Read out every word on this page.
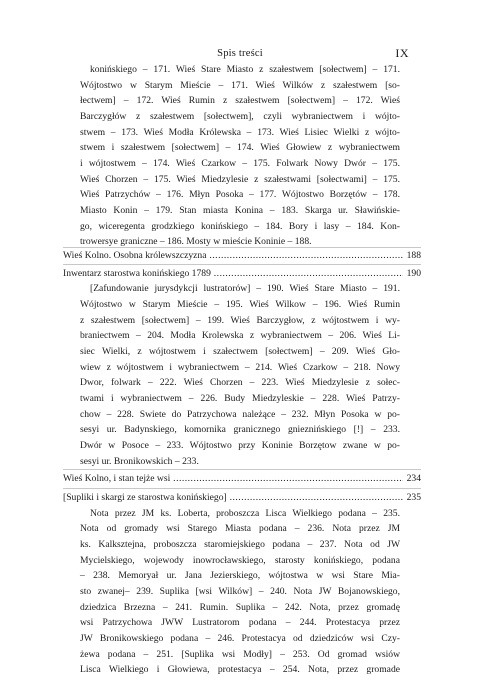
Spis treści	IX
konińskiego – 171. Wieś Stare Miasto z szałestwem [sołectwem] – 171.
Wójtostwo w Starym Mieście – 171. Wieś Wilków z szałestwem [so-
łectwem] – 172. Wieś Rumin z szałestwem [sołectwem] – 172. Wieś
Barczygłów z szałestwem [sołectwem], czyli wybraniectwem i wójto-
stwem – 173. Wieś Modła Królewska – 173. Wieś Lisiec Wielki z wójto-
stwem i szałestwem [sołectwem] – 174. Wieś Głowiew z wybraniectwem
i wójtostwem – 174. Wieś Czarkow – 175. Folwark Nowy Dwór – 175.
Wieś Chorzen – 175. Wieś Miedzylesie z szałestwami [sołectwami] – 175.
Wieś Patrzychów – 176. Młyn Posoka – 177. Wójtostwo Borzętów – 178.
Miasto Konin – 179. Stan miasta Konina – 183. Skarga ur. Sławińskie-
go, wiceregenta grodzkiego konińskiego – 184. Bory i lasy – 184. Kon-
trowersye graniczne – 186. Mosty w mieście Koninie – 188.
Wieś Kolno. Osobna królewszczyzna .....	188
Inwentarz starostwa konińskiego 1789 .....	190
[Zafundowanie jurysdykcji lustratorów] – 190. Wieś Stare Miasto – 191.
Wójtostwo w Starym Mieście – 195. Wieś Wilkow – 196. Wieś Rumin
z szałestwem [sołectwem] – 199. Wieś Barczygłow, z wójtostwem i wy-
braniectwem – 204. Modła Krolewska z wybraniectwem – 206. Wieś Li-
siec Wielki, z wójtostwem i szałectwem [sołectwem] – 209. Wieś Gło-
wiew z wójtostwem i wybraniectwem – 214. Wieś Czarkow – 218. Nowy
Dwor, folwark – 222. Wieś Chorzen – 223. Wieś Miedzylesie z sołec-
twami i wybraniectwem – 226. Budy Miedzyleskie – 228. Wieś Patrzy-
chow – 228. Swiete do Patrzychowa należące – 232. Młyn Posoka w po-
sesyi ur. Badynskiego, komornika granicznego gnieznińskiego [!] – 233.
Dwór w Posoce – 233. Wójtostwo przy Koninie Borzętow zwane w po-
sesyi ur. Bronikowskich – 233.
Wieś Kolno, i stan tejże wsi .....	234
[Supliki i skargi ze starostwa konińskiego] .....	235
Nota przez JM ks. Loberta, proboszcza Lisca Wielkiego podana – 235.
Nota od gromady wsi Starego Miasta podana – 236. Nota przez JM
ks. Kalksztejna, proboszcza staromiejskiego podana – 237. Nota od JW
Mycielskiego, wojewody inowrocławskiego, starosty konińskiego, podana
– 238. Memoryał ur. Jana Jezierskiego, wójtostwa w wsi Stare Mia-
sto zwanej– 239. Suplika [wsi Wilków] – 240. Nota JW Bojanowskiego,
dziedzica Brzezna – 241. Rumin. Suplika – 242. Nota, przez gromadę
wsi Patrzychowa JWW Lustratorom podana – 244. Protestacya przez
JW Bronikowskiego podana – 246. Protestacya od dziedziców wsi Czy-
żewa podana – 251. [Suplika wsi Modły] – 253. Od gromad wsiów
Lisca Wielkiego i Głowiewa, protestacya – 254. Nota, przez gromade
